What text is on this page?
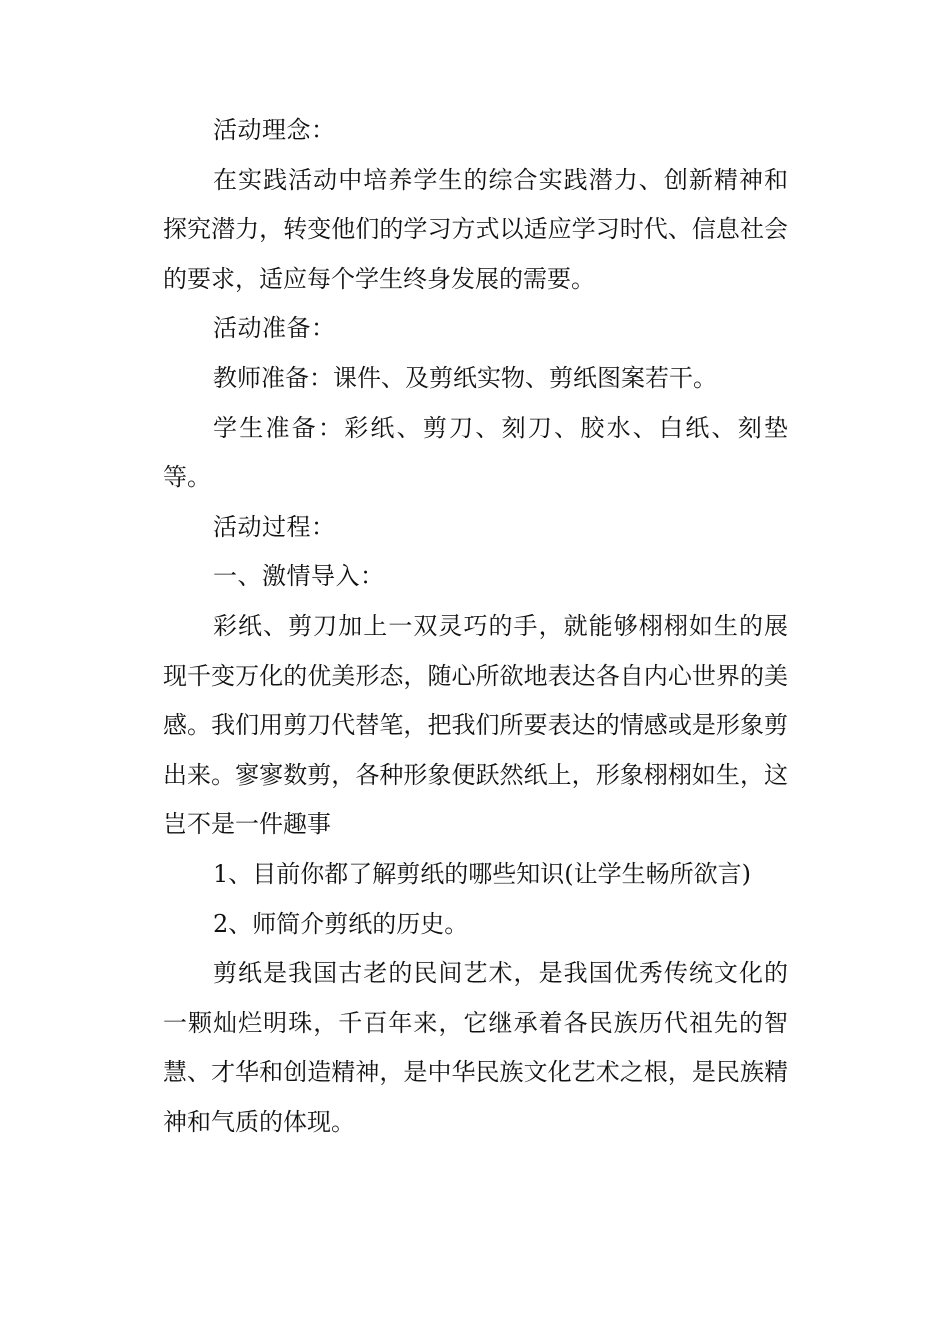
活动理念：

在实践活动中培养学生的综合实践潜力、创新精神和探究潜力，转变他们的学习方式以适应学习时代、信息社会的要求，适应每个学生终身发展的需要。

活动准备：

教师准备：课件、及剪纸实物、剪纸图案若干。

学生准备：彩纸、剪刀、刻刀、胶水、白纸、刻垫等。

活动过程：

一、激情导入：

彩纸、剪刀加上一双灵巧的手，就能够栩栩如生的展现千变万化的优美形态，随心所欲地表达各自内心世界的美感。我们用剪刀代替笔，把我们所要表达的情感或是形象剪出来。寥寥数剪，各种形象便跃然纸上，形象栩栩如生，这岂不是一件趣事

1、目前你都了解剪纸的哪些知识(让学生畅所欲言)

2、师简介剪纸的历史。

剪纸是我国古老的民间艺术，是我国优秀传统文化的一颗灿烂明珠，千百年来，它继承着各民族历代祖先的智慧、才华和创造精神，是中华民族文化艺术之根，是民族精神和气质的体现。
